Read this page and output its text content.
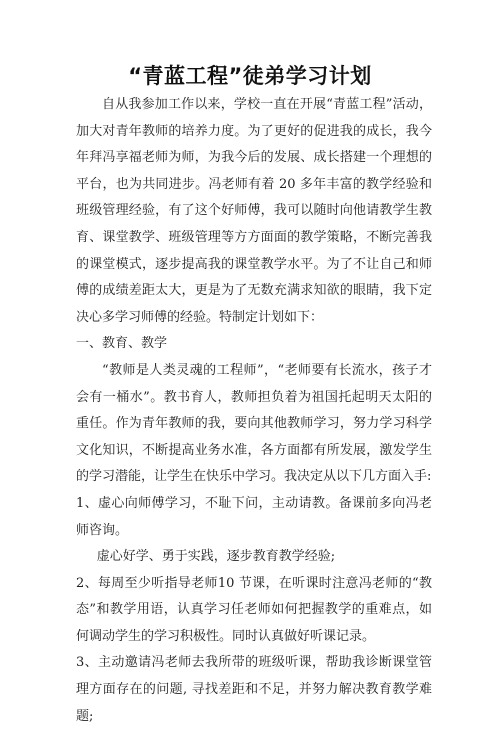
“青蓝工程”徒弟学习计划

自从我参加工作以来，学校一直在开展“青蓝工程”活动，加大对青年教师的培养力度。为了更好的促进我的成长，我今年拜冯享福老师为师，为我今后的发展、成长搭建一个理想的平台，也为共同进步。冯老师有着 20 多年丰富的教学经验和班级管理经验，有了这个好师傅，我可以随时向他请教学生教育、课堂教学、班级管理等方方面面的教学策略，不断完善我的课堂模式，逐步提高我的课堂教学水平。为了不让自己和师傅的成绩差距太大，更是为了无数充满求知欲的眼睛，我下定决心多学习师傅的经验。特制定计划如下：

一、教育、教学

“教师是人类灵魂的工程师”，“老师要有长流水，孩子才会有一桶水”。教书育人，教师担负着为祖国托起明天太阳的重任。作为青年教师的我，要向其他教师学习，努力学习科学文化知识，不断提高业务水准，各方面都有所发展，激发学生的学习潜能，让学生在快乐中学习。我决定从以下几方面入手:

1、虚心向师傅学习，不耻下问，主动请教。备课前多向冯老师咨询。

虚心好学、勇于实践，逐步教育教学经验;

2、每周至少听指导老师10 节课，在听课时注意冯老师的“教态”和教学用语，认真学习任老师如何把握教学的重难点，如何调动学生的学习积极性。同时认真做好听课记录。

3、主动邀请冯老师去我所带的班级听课，帮助我诊断课堂管理方面存在的问题, 寻找差距和不足，并努力解决教育教学难题;
